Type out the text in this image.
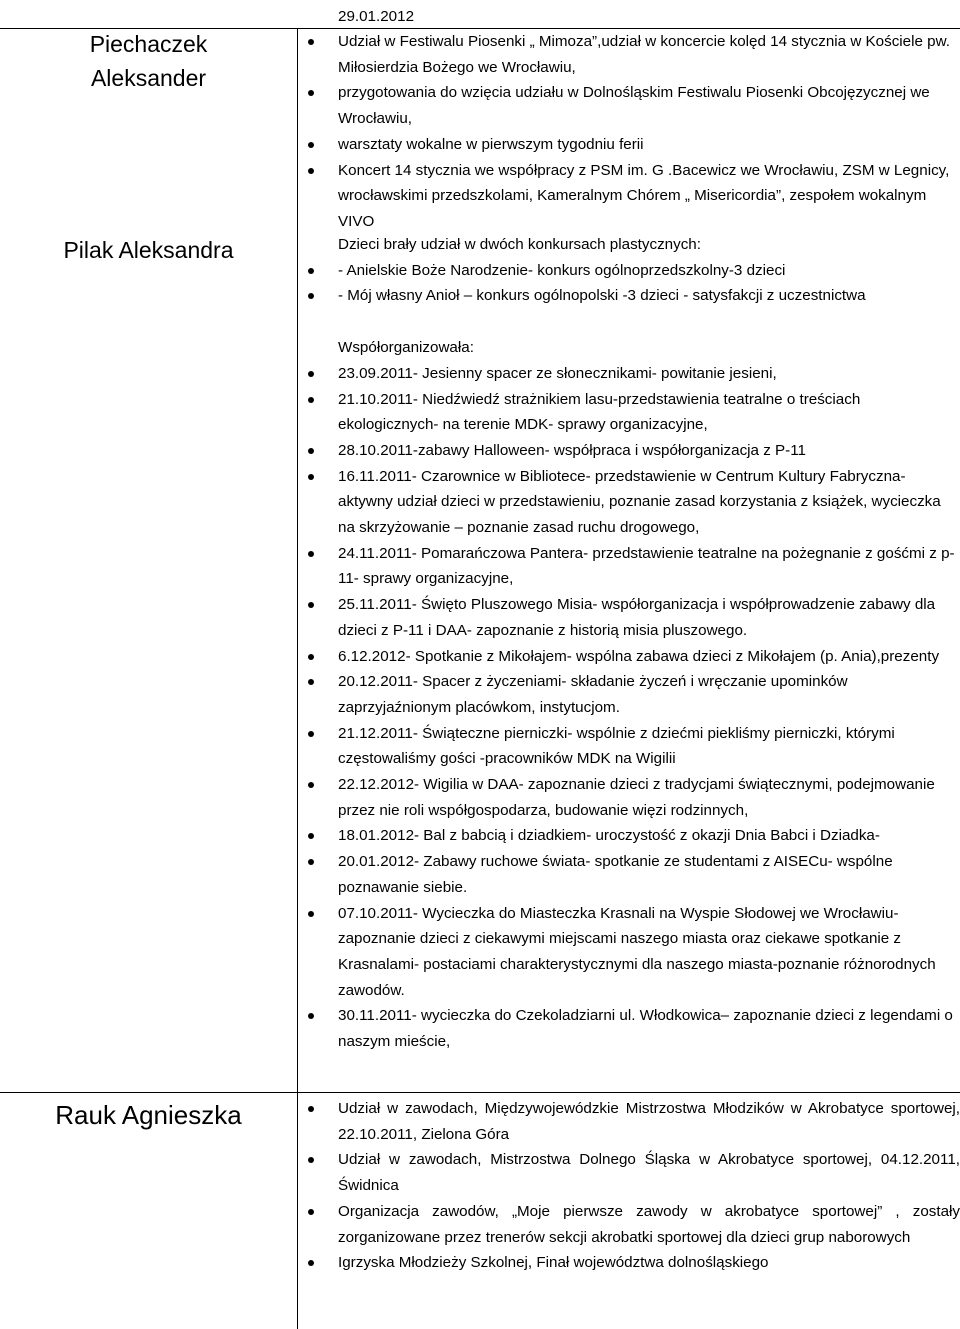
29.01.2012
Piechaczek
Aleksander

Udział w Festiwalu Piosenki „ Mimoza”,udział w koncercie kolęd 14 stycznia w Kościele pw. Miłosierdzia Bożego we Wrocławiu,

przygotowania do wzięcia udziału w Dolnośląskim Festiwalu Piosenki Obcojęzycznej we Wrocławiu,

warsztaty wokalne w pierwszym tygodniu ferii

Koncert 14 stycznia we współpracy z PSM im. G .Bacewicz we Wrocławiu, ZSM w Legnicy, wrocławskimi przedszkolami, Kameralnym Chórem „ Misericordia”, zespołem wokalnym VIVO

Pilak Aleksandra	Dzieci brały udział w dwóch konkursach plastycznych:

- Anielskie Boże Narodzenie- konkurs ogólnoprzedszkolny-3 dzieci

- Mój własny Anioł – konkurs ogólnopolski -3 dzieci - satysfakcji z uczestnictwa

Współorganizowała:

23.09.2011- Jesienny spacer ze słonecznikami- powitanie jesieni,

21.10.2011- Niedźwiedź strażnikiem lasu-przedstawienia teatralne o treściach ekologicznych- na terenie MDK- sprawy organizacyjne,

28.10.2011-zabawy Halloween- współpraca i współorganizacja z P-11

16.11.2011- Czarownice w Bibliotece- przedstawienie w Centrum Kultury Fabryczna- aktywny udział dzieci w przedstawieniu, poznanie zasad korzystania z książek, wycieczka na skrzyżowanie – poznanie zasad ruchu drogowego,

24.11.2011- Pomarańczowa Pantera- przedstawienie teatralne na pożegnanie z gośćmi z p-11- sprawy organizacyjne,

25.11.2011- Święto Pluszowego Misia- współorganizacja i współprowadzenie zabawy dla dzieci z P-11 i DAA- zapoznanie z historią misia pluszowego.

6.12.2012- Spotkanie z Mikołajem- wspólna zabawa dzieci z Mikołajem (p. Ania),prezenty

20.12.2011- Spacer z życzeniami- składanie życzeń i wręczanie upominków zaprzyjaźnionym placówkom, instytucjom.

21.12.2011- Świąteczne pierniczki- wspólnie z dziećmi piekliśmy pierniczki, którymi częstowaliśmy gości -pracowników MDK na Wigilii

22.12.2012- Wigilia w DAA- zapoznanie dzieci z tradycjami świątecznymi, podejmowanie przez nie roli współgospodarza, budowanie więzi rodzinnych,

18.01.2012- Bal z babcią i dziadkiem- uroczystość z okazji Dnia Babci i Dziadka-

20.01.2012- Zabawy ruchowe świata- spotkanie ze studentami z AISECu- wspólne poznawanie siebie.

07.10.2011- Wycieczka do Miasteczka Krasnali na Wyspie Słodowej we Wrocławiu- zapoznanie dzieci z ciekawymi miejscami naszego miasta oraz ciekawe spotkanie z Krasnalami- postaciami charakterystycznymi dla naszego miasta-poznanie różnorodnych zawodów.

30.11.2011- wycieczka do Czekoladziarni ul. Włodkowica– zapoznanie dzieci z legendami o naszym mieście,

Rauk Agnieszka	Udział w zawodach, Międzywojewódzkie Mistrzostwa Młodzików w Akrobatyce sportowej, 22.10.2011, Zielona Góra

Udział w zawodach, Mistrzostwa Dolnego Śląska w Akrobatyce sportowej, 04.12.2011, Świdnica

Organizacja zawodów, „Moje pierwsze zawody w akrobatyce sportowej” , zostały zorganizowane przez trenerów sekcji akrobatki sportowej dla dzieci grup naborowych

Igrzyska Młodzieży Szkolnej, Finał województwa dolnośląskiego
